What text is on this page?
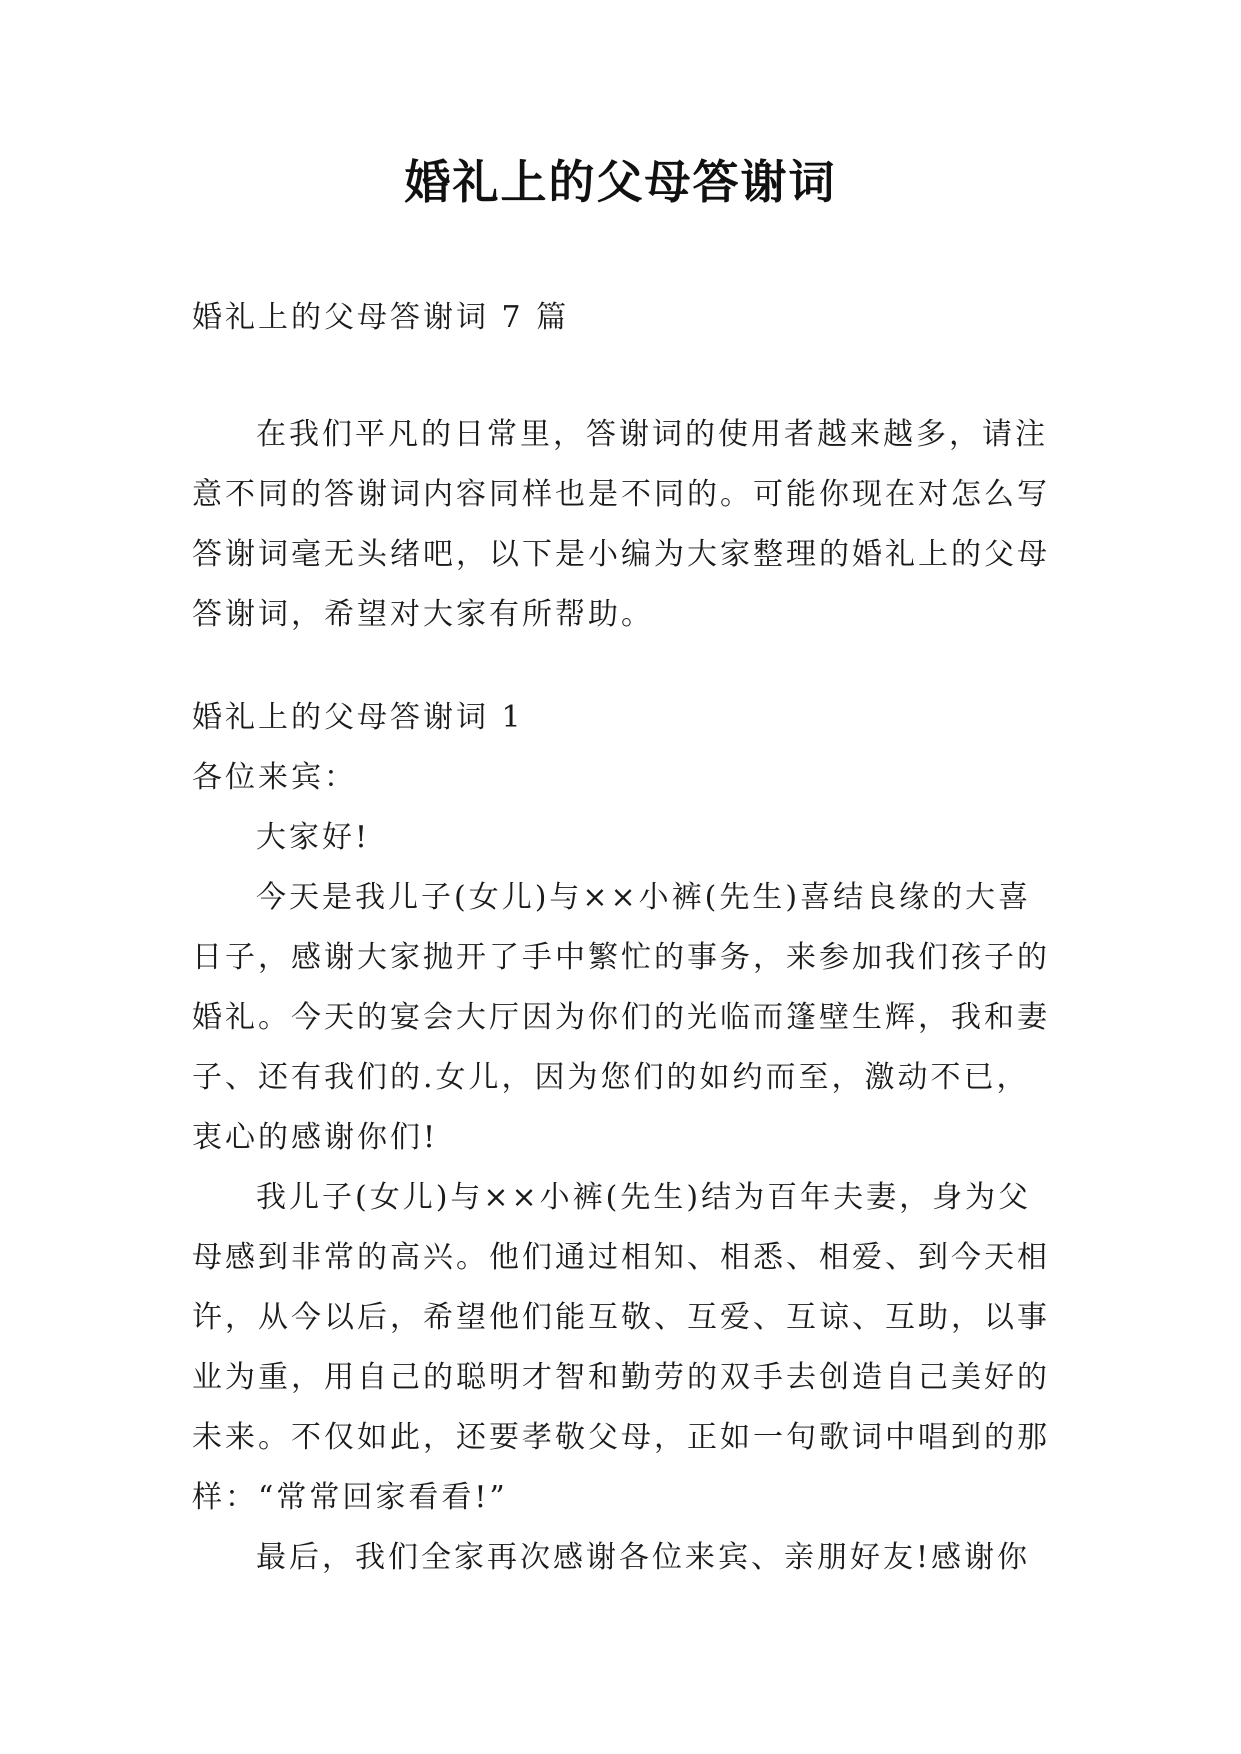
婚礼上的父母答谢词
婚礼上的父母答谢词 7 篇
在我们平凡的日常里，答谢词的使用者越来越多，请注意不同的答谢词内容同样也是不同的。可能你现在对怎么写答谢词毫无头绪吧，以下是小编为大家整理的婚礼上的父母答谢词，希望对大家有所帮助。

婚礼上的父母答谢词 1

各位来宾：

大家好!

今天是我儿子(女儿)与××小裤(先生)喜结良缘的大喜日子，感谢大家抛开了手中繁忙的事务，来参加我们孩子的婚礼。今天的宴会大厅因为你们的光临而篷壁生辉，我和妻子、还有我们的.女儿，因为您们的如约而至，激动不已，衷心的感谢你们!

我儿子(女儿)与××小裤(先生)结为百年夫妻，身为父母感到非常的高兴。他们通过相知、相悉、相爱、到今天相许，从今以后，希望他们能互敬、互爱、互谅、互助，以事业为重，用自己的聪明才智和勤劳的双手去创造自己美好的未来。不仅如此，还要孝敬父母，正如一句歌词中唱到的那样：“常常回家看看!”

最后，我们全家再次感谢各位来宾、亲朋好友!感谢你
